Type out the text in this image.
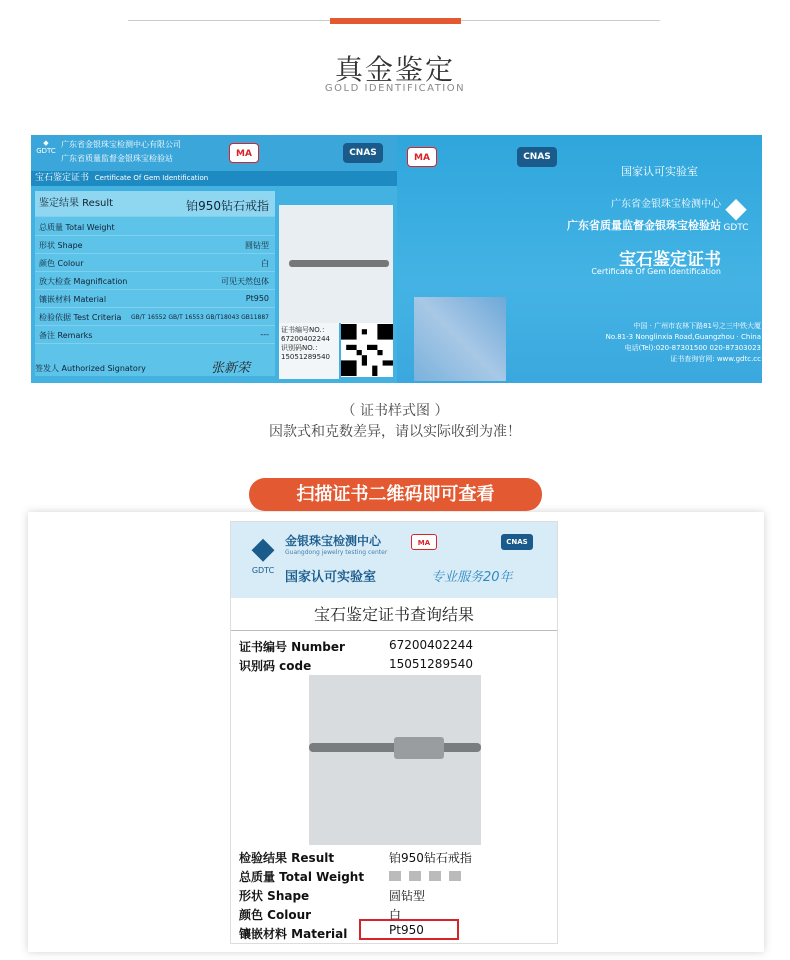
真金鉴定
GOLD IDENTIFICATION
◆
GDTC
广东省金银珠宝检测中心有限公司
广东省质量监督金银珠宝检验站	MA	CNAS
宝石鉴定证书 Certificate Of Gem Identification
鉴定结果 Result	铂950钻石戒指
总质量 Total Weight
形状 Shape	圆钻型
颜色 Colour	白
放大检查 Magnification	可见天然包体
镶嵌材料 Material	Pt950
检验依据 Test Criteria GB/T 16552 GB/T 16553 GB/T18043 GB11887
备注 Remarks	--- 证书编号NO.：
67200402244
识别码NO.：
15051289540
签发人 Authorized Signatory	张新荣
MA	CNAS
国家认可实验室
◆
GDTC
广东省金银珠宝检测中心
广东省质量监督金银珠宝检验站
宝石鉴定证书
Certificate Of Gem Identification
中国 · 广州市农林下路81号之三中铁大厦
No.81-3 Nonglinxia Road,Guangzhou · China
电话(Tel):020-87301500 020-87303023
证书查询官网: www.gdtc.cc
（ 证书样式图 ）
因款式和克数差异，请以实际收到为准！
扫描证书二维码即可查看
◆
GDTC
金银珠宝检测中心
Guangdong jewelry testing center
国家认可实验室	专业服务20年
MA	CNAS
宝石鉴定证书查询结果
证书编号 Number	67200402244
识别码 code	15051289540
检验结果 Result	铂950钻石戒指
总质量 Total Weight
形状 Shape	圆钻型
颜色 Colour	白
镶嵌材料 Material	Pt950
